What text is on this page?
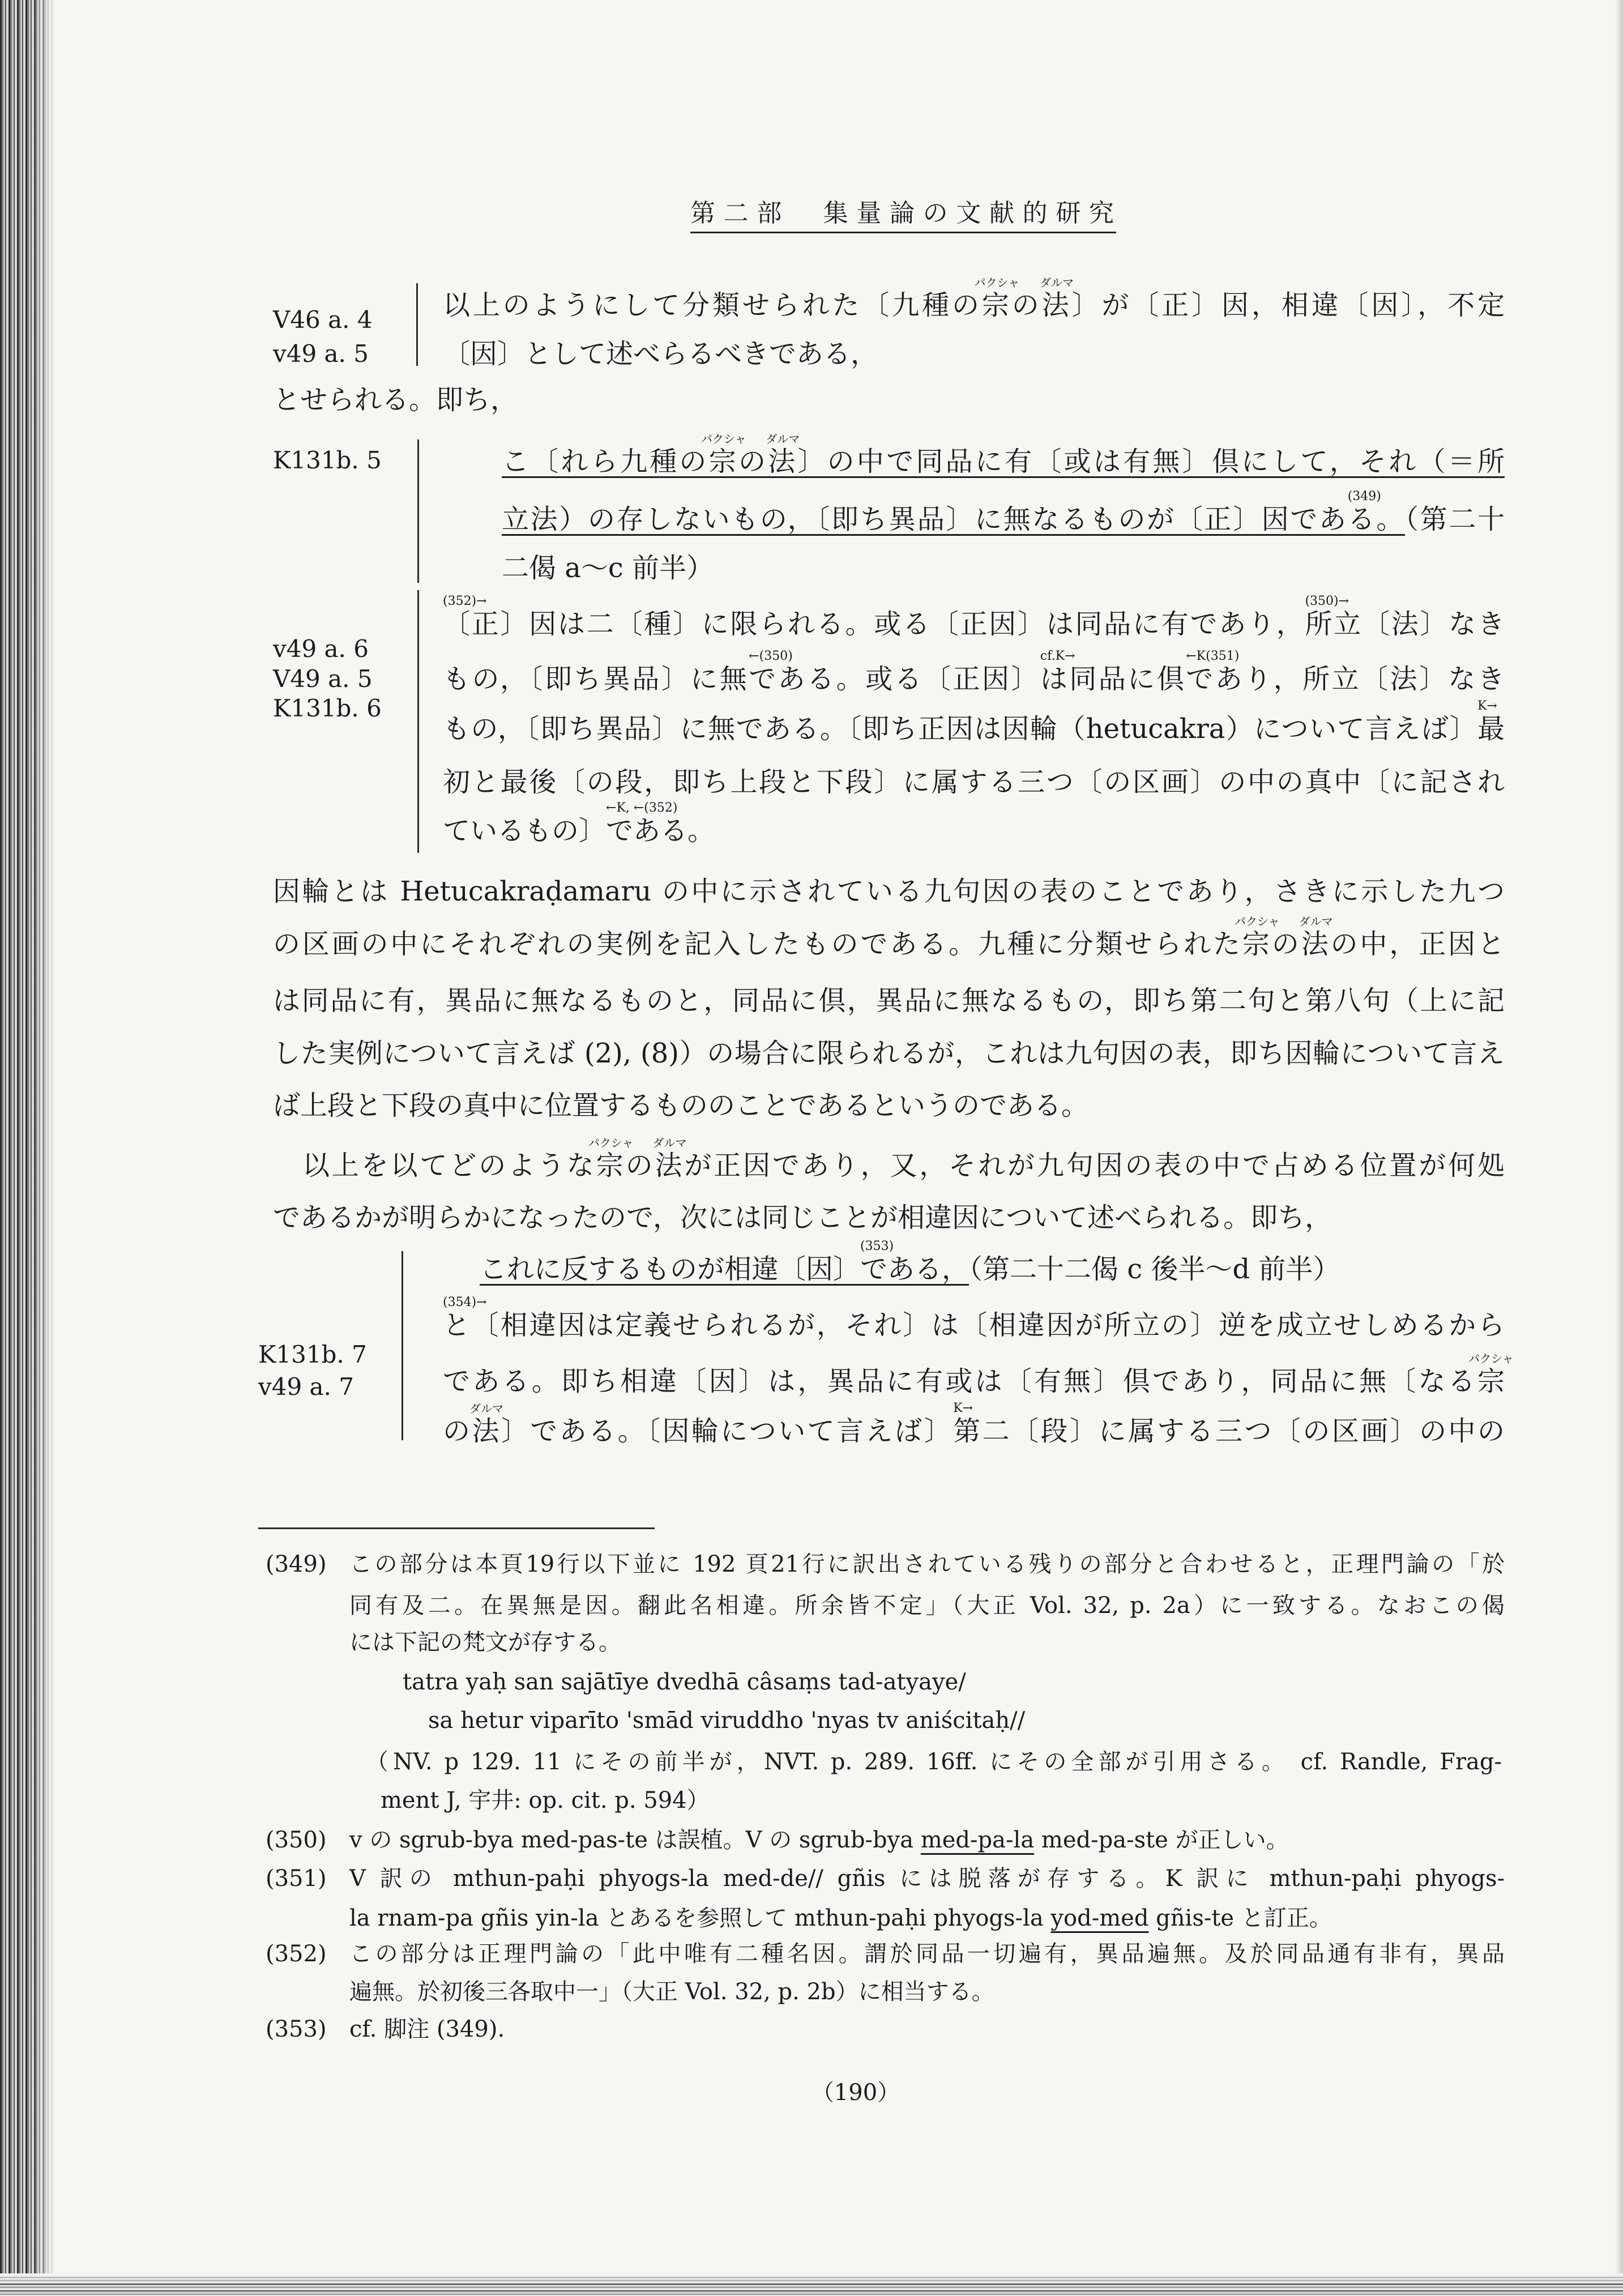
第二部　集量論の文献的研究
V46 a. 4
v49 a. 5
以上のようにして分類せられた〔九種の宗
パクシャ
の法
ダルマ
〕が〔正〕因，相違〔因〕，不定
〔因〕として述べらるべきである，
とせられる。即ち，
K131b. 5	こ〔れら九種の宗
パクシャ
の法
ダルマ
〕の中で同品に有〔或は有無〕倶にして，それ（＝所
立法）の存しないもの，〔即ち異品〕に無なるものが〔正〕因である。
(349)
（第二十
二偈 a〜c 前半）
v49 a. 6
V49 a. 5
K131b. 6
〔正〕
(352)→
因は二〔種〕に限られる。或る〔正因〕は同品に有であり，所立
(350)→
〔法〕なき
もの，〔即ち異品〕に無である。
←(350)
或る〔正因〕は
cf.K→
同品に倶であり
←K(351)
，所立〔法〕なき
もの，〔即ち異品〕に無である。〔即ち正因は因輪（hetucakra）について言えば〕最
K→
初と最後〔の段，即ち上段と下段〕に属する三つ〔の区画〕の中の真中〔に記され
ているもの〕である。
←K, ←(352)
因輪とは Hetucakraḍamaru の中に示されている九句因の表のことであり，さきに示した九つ
の区画の中にそれぞれの実例を記入したものである。九種に分類せられた宗
パクシャ
の法
ダルマ
の中，正因と
は同品に有，異品に無なるものと，同品に倶，異品に無なるもの，即ち第二句と第八句（上に記
した実例について言えば (2), (8)）の場合に限られるが，これは九句因の表，即ち因輪について言え
ば上段と下段の真中に位置するもののことであるというのである。
以上を以てどのような宗
パクシャ
の法
ダルマ
が正因であり，又，それが九句因の表の中で占める位置が何処
であるかが明らかになったので，次には同じことが相違因について述べられる。即ち，
K131b. 7
v49 a. 7
これに反するものが相違〔因〕である，
(353)
（第二十二偈 c 後半〜d 前半）
と
(354)→
〔相違因は定義せられるが，それ〕は〔相違因が所立の〕逆を成立せしめるから
である。即ち相違〔因〕は，異品に有或は〔有無〕倶であり，同品に無〔なる宗
パクシャ
の法
ダルマ
〕である。〔因輪について言えば〕第二
K→
〔段〕に属する三つ〔の区画〕の中の
(349) この部分は本頁19行以下並に 192 頁21行に訳出されている残りの部分と合わせると，正理門論の「於
同有及二。在異無是因。翻此名相違。所余皆不定」（大正 Vol. 32, p. 2a）に一致する。なおこの偈
には下記の梵文が存する。
tatra yaḥ san sajātīye dvedhā câsaṃs tad-atyaye/
sa hetur viparīto 'smād viruddho 'nyas tv aniścitaḥ//
（NV. p 129. 11 にその前半が，NVT. p. 289. 16ff. にその全部が引用さる。 cf. Randle, Frag-
ment J, 宇井: op. cit. p. 594）
(350) v の sgrub-bya med-pas-te は誤植。V の sgrub-bya med-pa-la med-pa-ste が正しい。
(351) V 訳の mthun-paḥi phyogs-la med-de// gñis には脱落が存する。K 訳に mthun-paḥi phyogs-
la rnam-pa gñis yin-la とあるを参照して mthun-paḥi phyogs-la yod-med gñis-te と訂正。
(352) この部分は正理門論の「此中唯有二種名因。謂於同品一切遍有，異品遍無。及於同品通有非有，異品
遍無。於初後三各取中一」（大正 Vol. 32, p. 2b）に相当する。
(353) cf. 脚注 (349).
（190）
